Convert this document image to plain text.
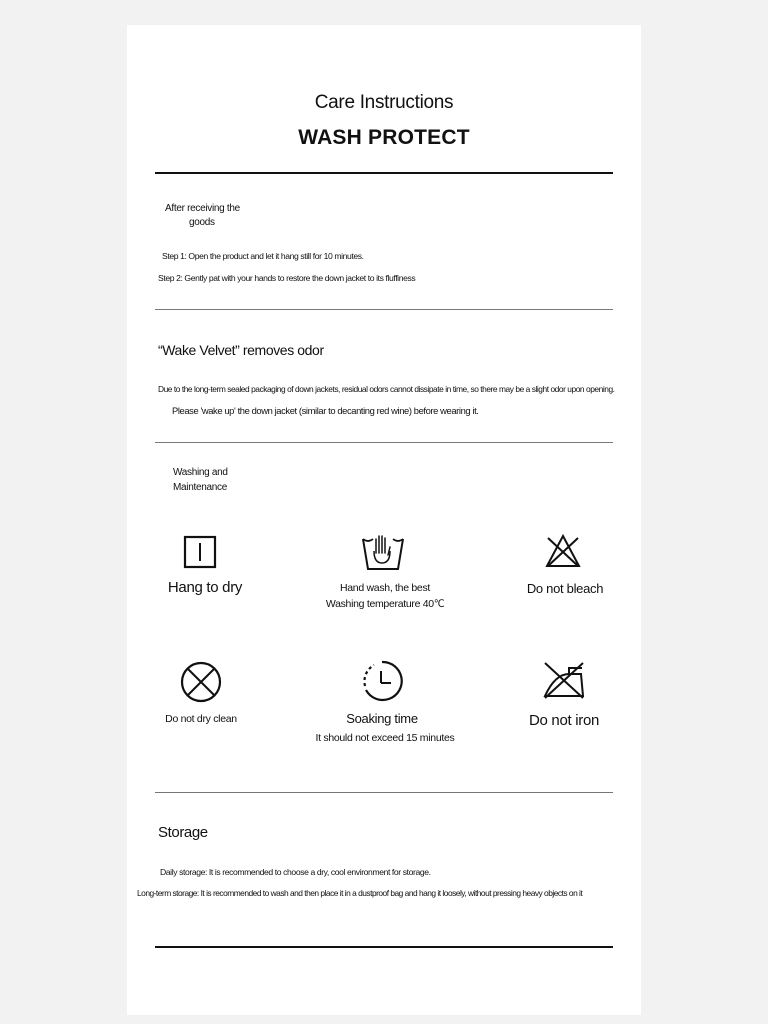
Care Instructions
WASH PROTECT
After receiving the
goods
Step 1: Open the product and let it hang still for 10 minutes.
Step 2: Gently pat with your hands to restore the down jacket to its fluffiness
“Wake Velvet” removes odor
Due to the long-term sealed packaging of down jackets, residual odors cannot dissipate in time, so there may be a slight odor upon opening.
Please 'wake up' the down jacket (similar to decanting red wine) before wearing it.
Washing and
Maintenance
Hang to dry	Hand wash, the best
Washing temperature 40℃
Do not bleach
Do not dry clean	Soaking time
It should not exceed 15 minutes
Do not iron
Storage
Daily storage: It is recommended to choose a dry, cool environment for storage.
Long-term storage: It is recommended to wash and then place it in a dustproof bag and hang it loosely, without pressing heavy objects on it
